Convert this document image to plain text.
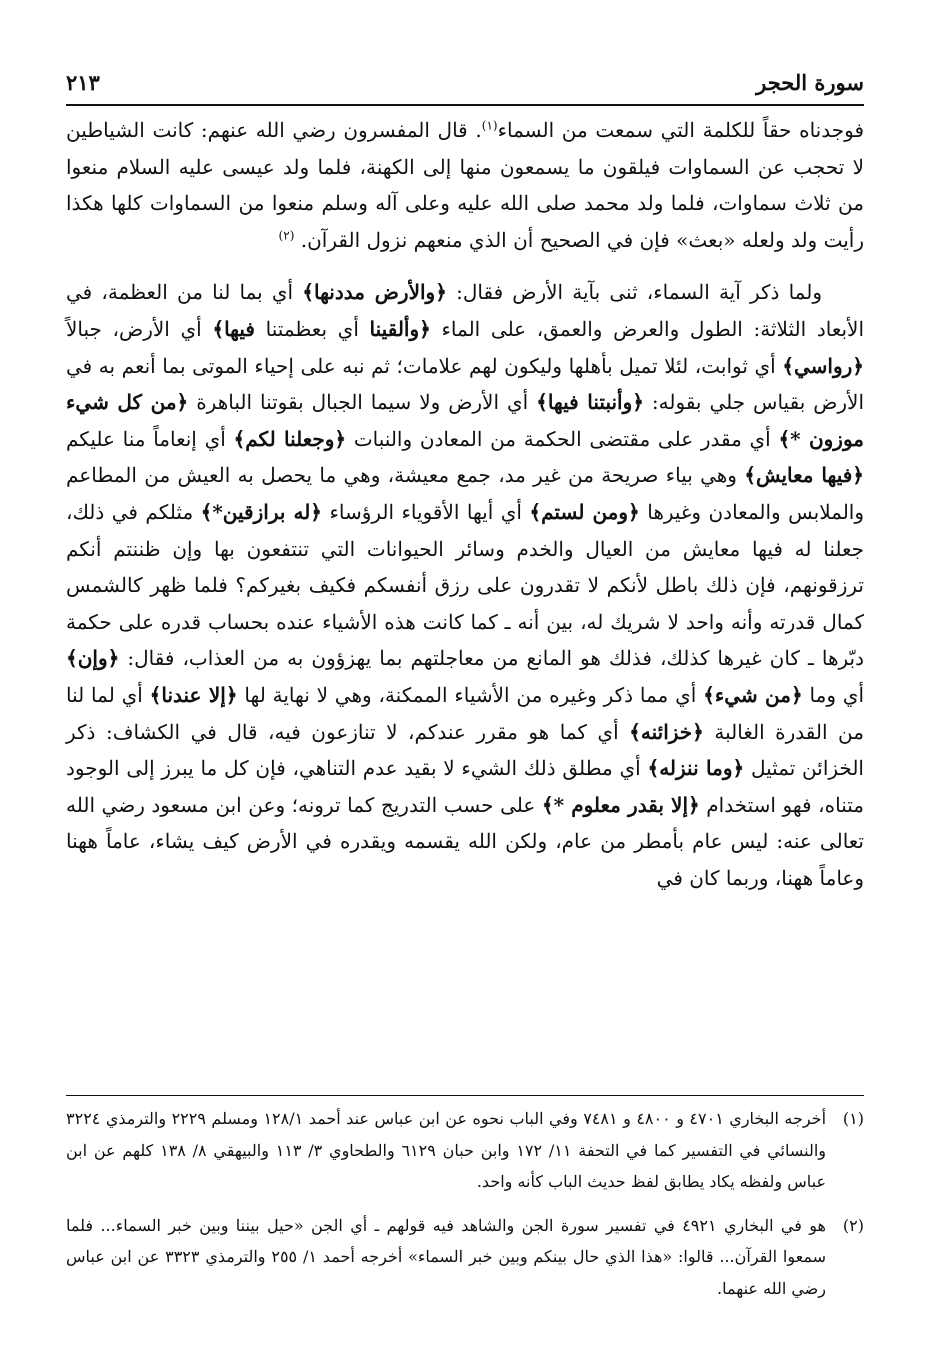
سورة الحجر
٢١٣

فوجدناه حقاً للكلمة التي سمعت من السماء$^{(١)}$. قال المفسرون رضي الله عنهم: كانت الشياطين لا تحجب عن السماوات فيلقون ما يسمعون منها إلى الكهنة، فلما ولد عيسى عليه السلام منعوا من ثلاث سماوات، فلما ولد محمد صلى الله عليه وعلى آله وسلم منعوا من السماوات كلها هكذا رأيت ولد ولعله «بعث» فإن في الصحيح أن الذي منعهم نزول القرآن. $^{(٢)}$

ولما ذكر آية السماء، ثنى بآية الأرض فقال: ﴿والأرض مددنها﴾ أي بما لنا من العظمة، في الأبعاد الثلاثة: الطول والعرض والعمق، على الماء ﴿وألقينا أي بعظمتنا فيها﴾ أي الأرض، جبالاً ﴿رواسي﴾ أي ثوابت، لئلا تميل بأهلها وليكون لهم علامات؛ ثم نبه على إحياء الموتى بما أنعم به في الأرض بقياس جلي بقوله: ﴿وأنبتنا فيها﴾ أي الأرض ولا سيما الجبال بقوتنا الباهرة ﴿من كل شيء موزون *﴾ أي مقدر على مقتضى الحكمة من المعادن والنبات ﴿وجعلنا لكم﴾ أي إنعاماً منا عليكم ﴿فيها معايش﴾ وهي بياء صريحة من غير مد، جمع معيشة، وهي ما يحصل به العيش من المطاعم والملابس والمعادن وغيرها ﴿ومن لستم﴾ أي أيها الأقوياء الرؤساء ﴿له برازقين*﴾ مثلكم في ذلك، جعلنا له فيها معايش من العيال والخدم وسائر الحيوانات التي تنتفعون بها وإن ظننتم أنكم ترزقونهم، فإن ذلك باطل لأنكم لا تقدرون على رزق أنفسكم فكيف بغيركم؟ فلما ظهر كالشمس كمال قدرته وأنه واحد لا شريك له، بين أنه ـ كما كانت هذه الأشياء عنده بحساب قدره على حكمة دبّرها ـ كان غيرها كذلك، فذلك هو المانع من معاجلتهم بما يهزؤون به من العذاب، فقال: ﴿وإن﴾ أي وما ﴿من شيء﴾ أي مما ذكر وغيره من الأشياء الممكنة، وهي لا نهاية لها ﴿إلا عندنا﴾ أي لما لنا من القدرة الغالبة ﴿خزائنه﴾ أي كما هو مقرر عندكم، لا تنازعون فيه، قال في الكشاف: ذكر الخزائن تمثيل ﴿وما ننزله﴾ أي مطلق ذلك الشيء لا بقيد عدم التناهي، فإن كل ما يبرز إلى الوجود متناه، فهو استخدام ﴿إلا بقدر معلوم *﴾ على حسب التدريج كما ترونه؛ وعن ابن مسعود رضي الله تعالى عنه: ليس عام بأمطر من عام، ولكن الله يقسمه ويقدره في الأرض كيف يشاء، عاماً ههنا وعاماً ههنا، وربما كان في

(١)
أخرجه البخاري ٤٧٠١ و ٤٨٠٠ و ٧٤٨١ وفي الباب نحوه عن ابن عباس عند أحمد ١٢٨/١ ومسلم ٢٢٢٩ والترمذي ٣٢٢٤ والنسائي في التفسير كما في التحفة ١١/ ١٧٢ وابن حبان ٦١٢٩ والطحاوي ٣/ ١١٣ والبيهقي ٨/ ١٣٨ كلهم عن ابن عباس ولفظه يكاد يطابق لفظ حديث الباب كأنه واحد.
(٢)
هو في البخاري ٤٩٢١ في تفسير سورة الجن والشاهد فيه قولهم ـ أي الجن «حيل بيننا وبين خبر السماء... فلما سمعوا القرآن... قالوا: «هذا الذي حال بينكم وبين خبر السماء» أخرجه أحمد ١/ ٢٥٥ والترمذي ٣٣٢٣ عن ابن عباس رضي الله عنهما.
